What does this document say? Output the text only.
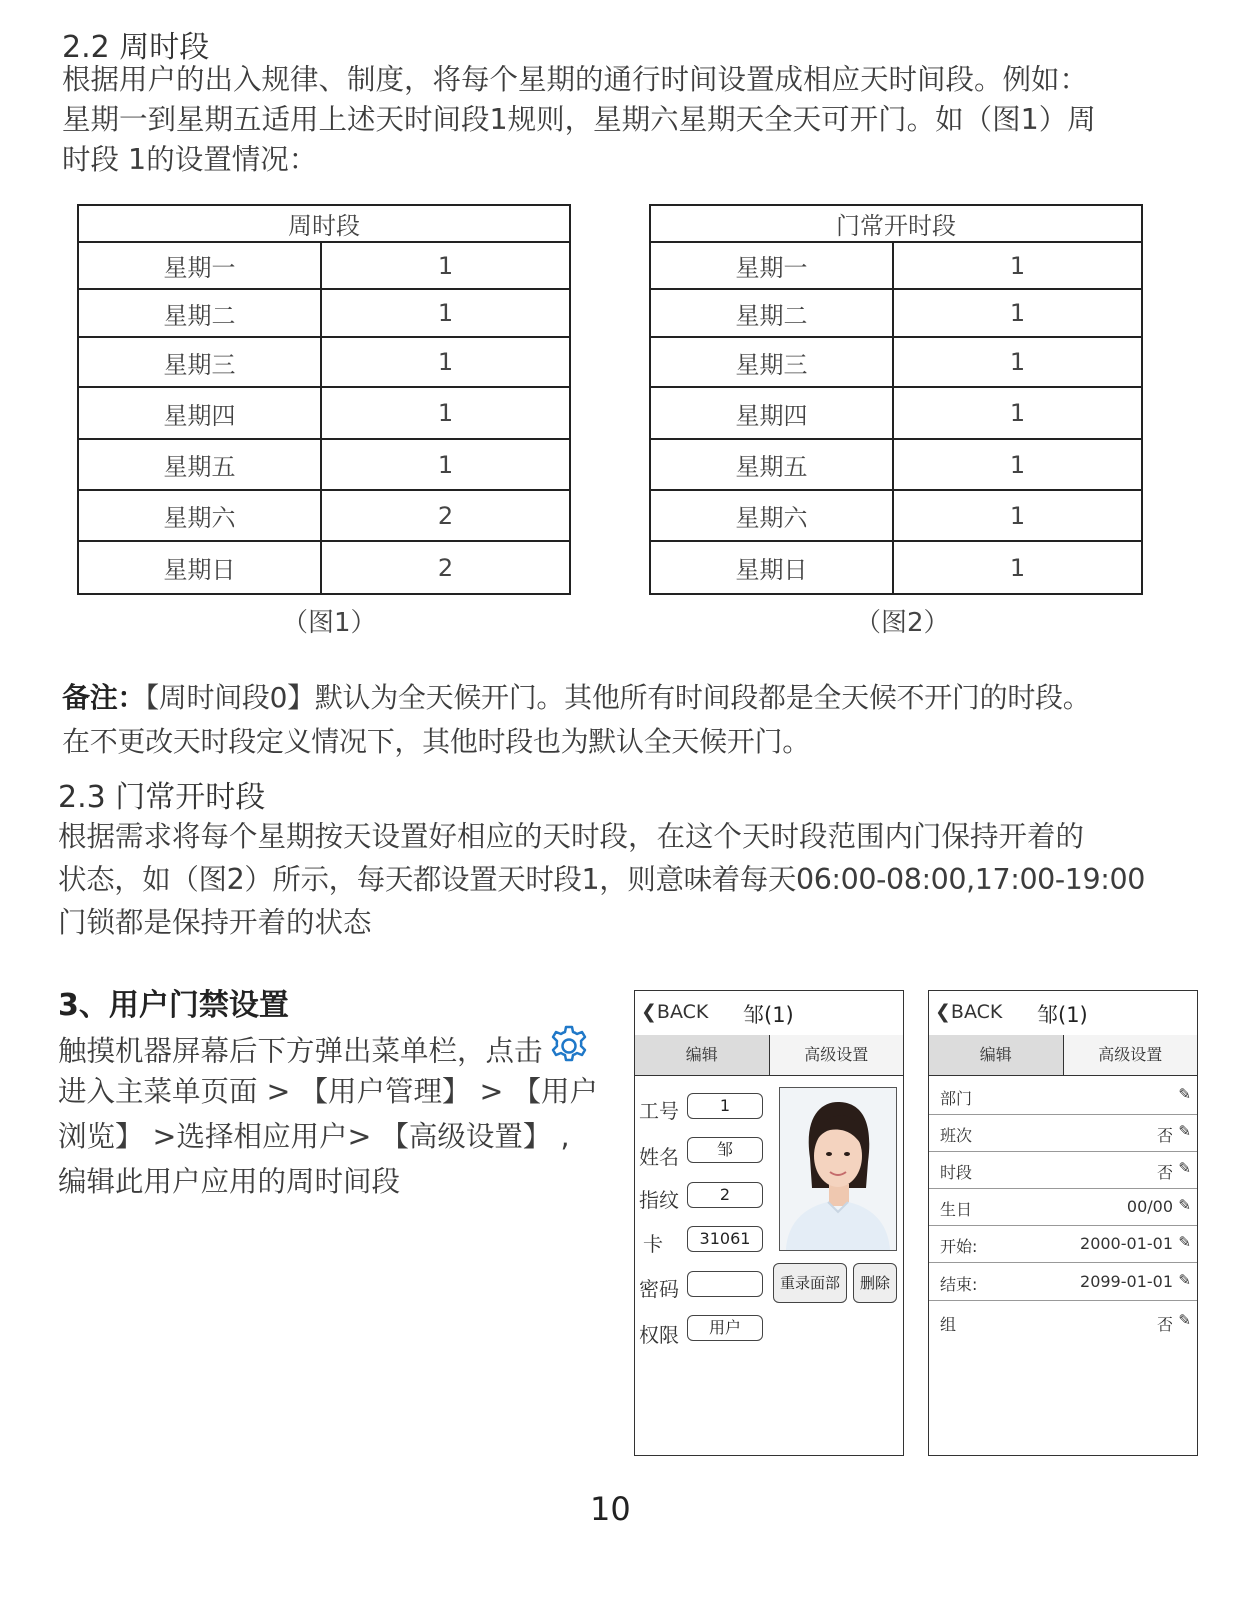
2.2 周时段
根据用户的出入规律、制度，将每个星期的通行时间设置成相应天时间段。例如：
星期一到星期五适用上述天时间段1规则，星期六星期天全天可开门。如（图1）周
时段 1的设置情况：
周时段	
星期一	1
星期二	1
星期三	1
星期四	1
星期五	1
星期六	2
星期日	2
（图1）
门常开时段	
星期一	1
星期二	1
星期三	1
星期四	1
星期五	1
星期六	1
星期日	1
（图2）
备注：【周时间段0】默认为全天候开门。其他所有时间段都是全天候不开门的时段。
在不更改天时段定义情况下，其他时段也为默认全天候开门。
2.3 门常开时段
根据需求将每个星期按天设置好相应的天时段，在这个天时段范围内门保持开着的
状态，如（图2）所示，每天都设置天时段1，则意味着每天06:00-08:00,17:00-19:00
门锁都是保持开着的状态
3、用户门禁设置
触摸机器屏幕后下方弹出菜单栏，点击
进入主菜单页面 > 【用户管理】 > 【用户
浏览】 >选择相应用户> 【高级设置】 ,
编辑此用户应用的周时间段
❮BACK 邹(1)
编辑	高级设置
工号	1
姓名	邹
指纹	2
卡	31061
密码
权限	用户
重录面部	删除
❮BACK 邹(1)
编辑	高级设置
部门	✎
班次	否 ✎
时段	否 ✎
生日	00/00 ✎
开始:	2000-01-01 ✎
结束:	2099-01-01 ✎
组	否 ✎
10
